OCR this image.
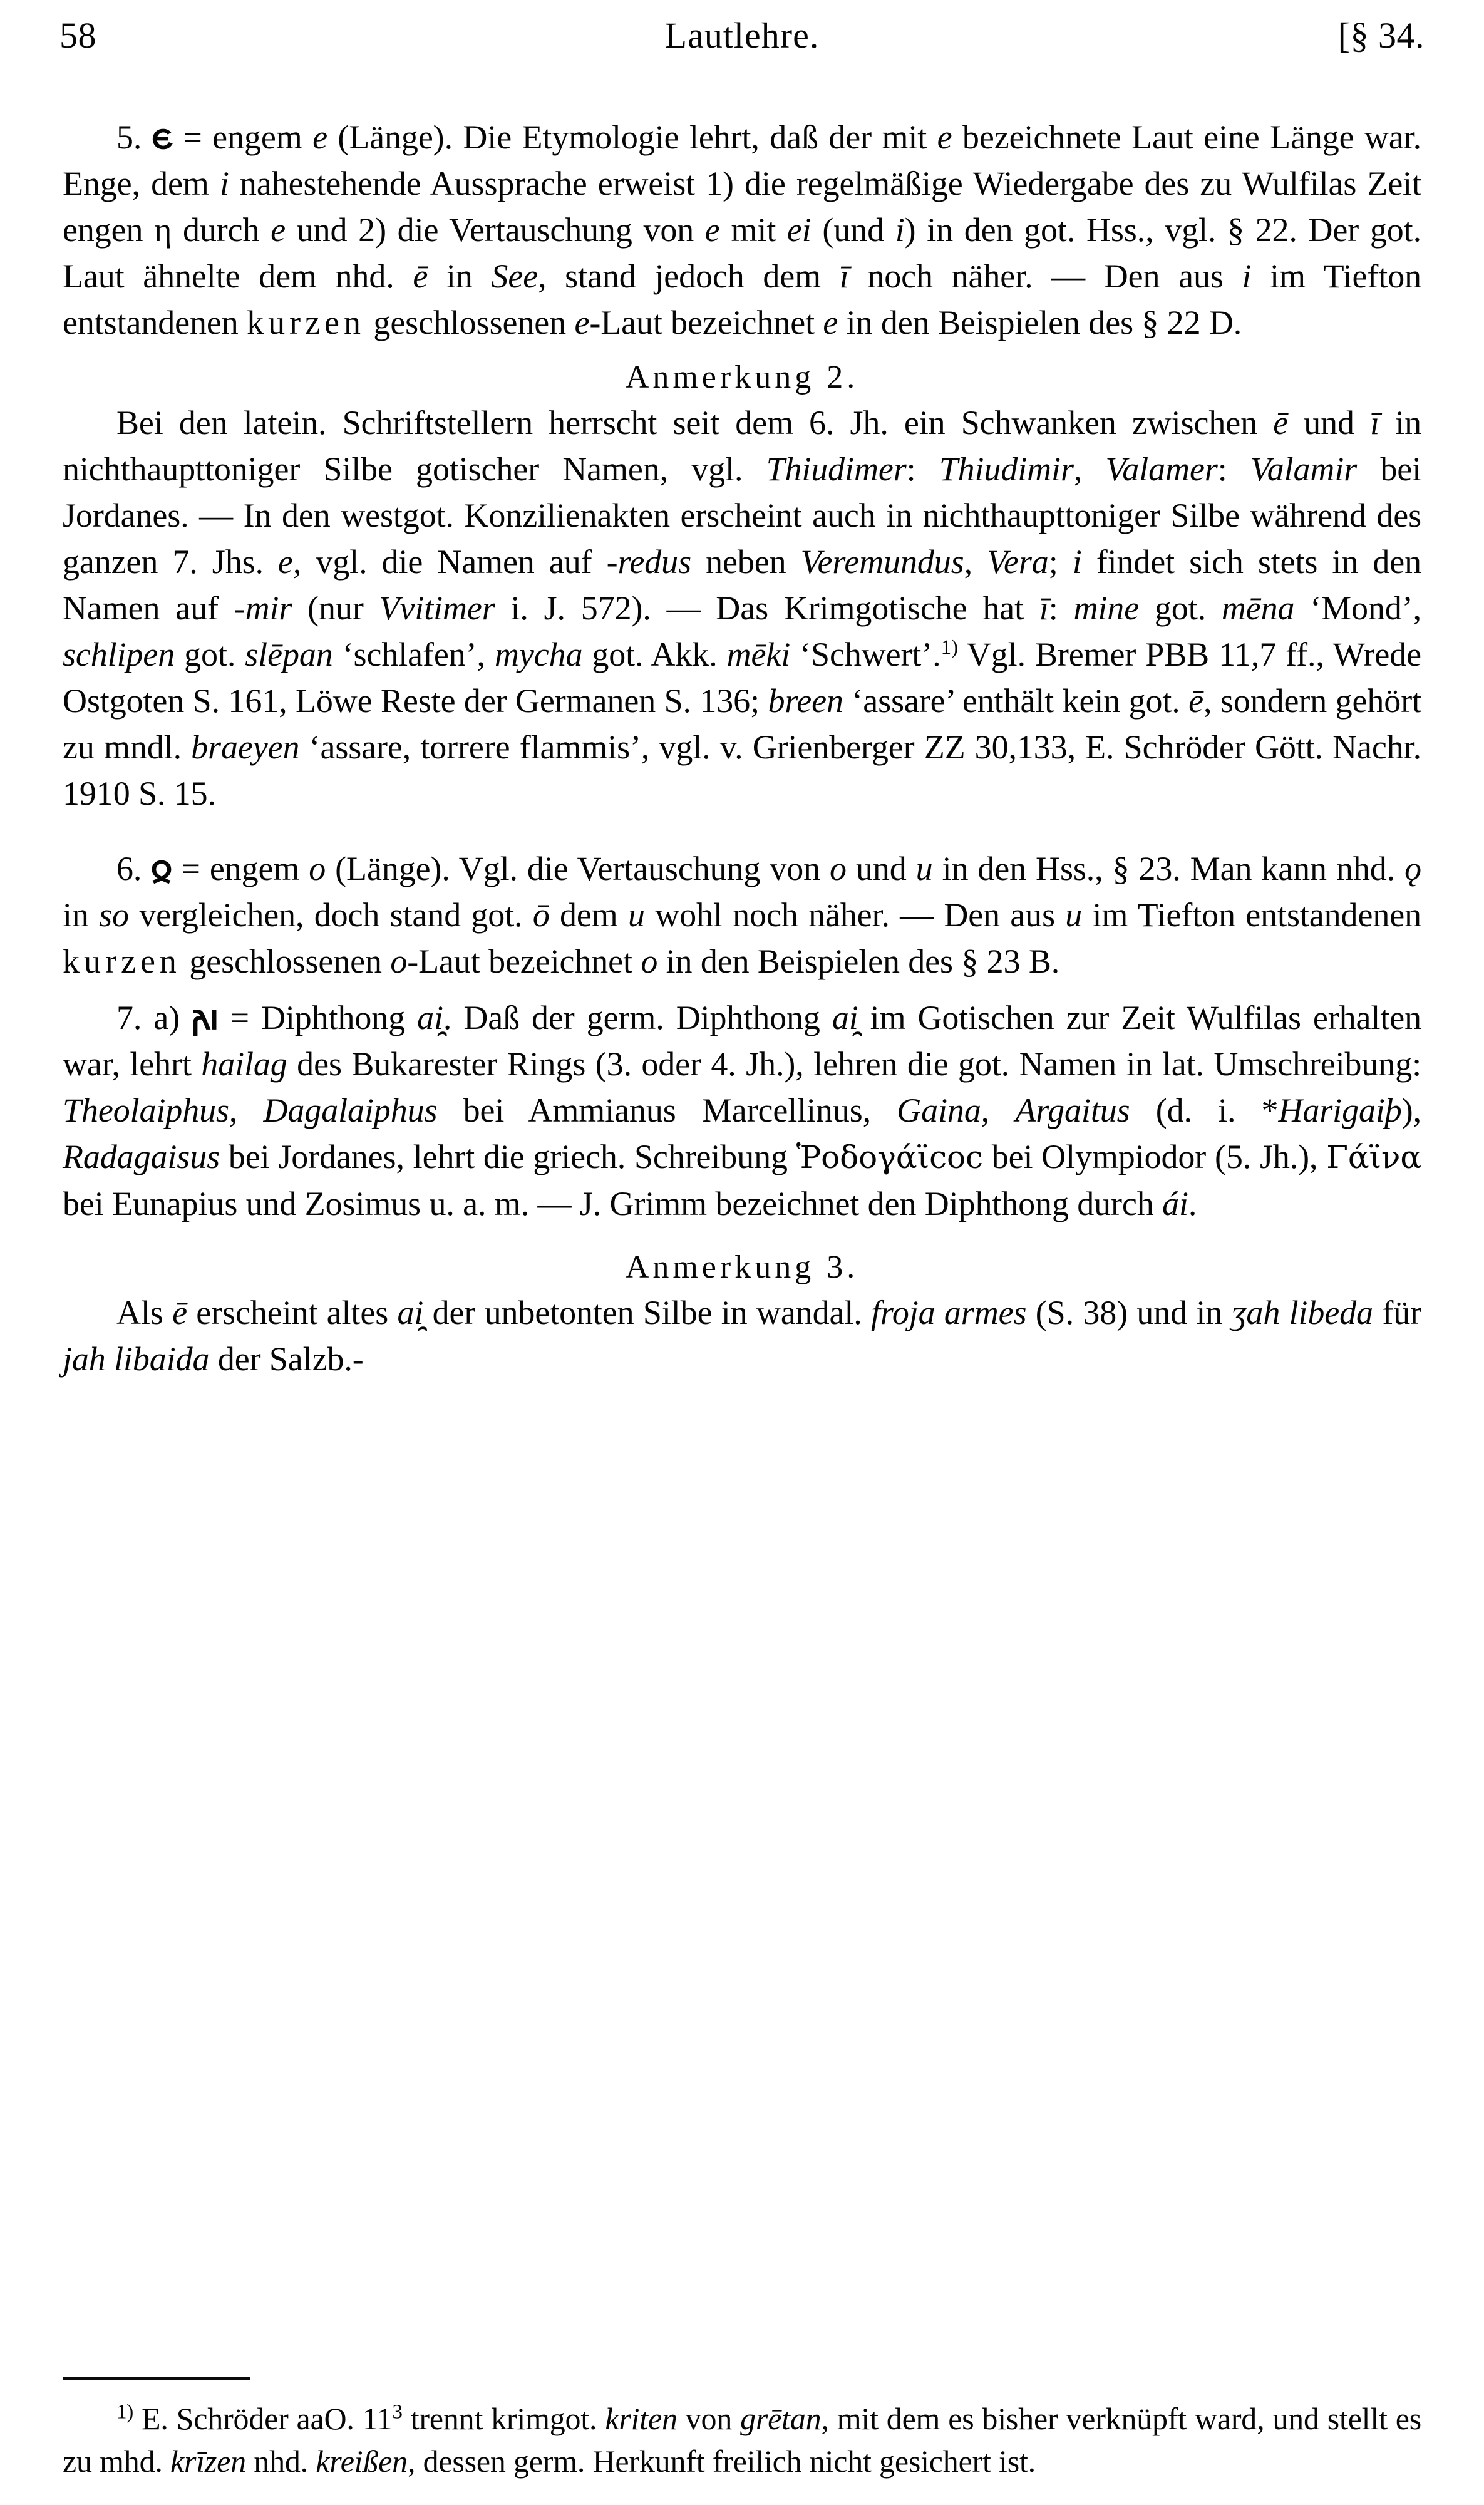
58	Lautlehre.	[§ 34.

5. 𐌴 = engem e (Länge). Die Etymologie lehrt, daß der mit e bezeichnete Laut eine Länge war. Enge, dem i nahestehende Aussprache erweist 1) die regelmäßige Wiedergabe des zu Wulfilas Zeit engen η durch e und 2) die Vertauschung von e mit ei (und i) in den got. Hss., vgl. § 22. Der got. Laut ähnelte dem nhd. ē in See, stand jedoch dem ī noch näher. — Den aus i im Tiefton entstandenen kurzen geschlossenen e-Laut bezeichnet e in den Beispielen des § 22 D.

Anmerkung 2.

Bei den latein. Schriftstellern herrscht seit dem 6. Jh. ein Schwanken zwischen ē und ī in nichthaupttoniger Silbe gotischer Namen, vgl. Thiudimer: Thiudimir, Valamer: Valamir bei Jordanes. — In den westgot. Konzilienakten erscheint auch in nichthaupttoniger Silbe während des ganzen 7. Jhs. e, vgl. die Namen auf -redus neben Veremundus, Vera; i findet sich stets in den Namen auf -mir (nur Vvitimer i. J. 572). — Das Krimgotische hat ī: mine got. mēna ‘Mond’, schlipen got. slēpan ‘schlafen’, mycha got. Akk. mēki ‘Schwert’.$^{1)}$ Vgl. Bremer PBB 11,7 ff., Wrede Ostgoten S. 161, Löwe Reste der Germanen S. 136; breen ‘assare’ enthält kein got. ē, sondern gehört zu mndl. braeyen ‘assare, torrere flammis’, vgl. v. Grienberger ZZ 30,133, E. Schröder Gött. Nachr. 1910 S. 15.

6. 𐍉 = engem o (Länge). Vgl. die Vertauschung von o und u in den Hss., § 23. Man kann nhd. ǫ in so vergleichen, doch stand got. ō dem u wohl noch näher. — Den aus u im Tiefton entstandenen kurzen geschlossenen o-Laut bezeichnet o in den Beispielen des § 23 B.

7. a) 𐌰𐌹 = Diphthong ai̯. Daß der germ. Diphthong ai̯ im Gotischen zur Zeit Wulfilas erhalten war, lehrt hailag des Bukarester Rings (3. oder 4. Jh.), lehren die got. Namen in lat. Umschreibung: Theolaiphus, Dagalaiphus bei Ammianus Marcellinus, Gaina, Argaitus (d. i. *Harigaiþ), Radagaisus bei Jordanes, lehrt die griech. Schreibung Ῥοδογάϊcoc bei Olympiodor (5. Jh.), Γάϊνα bei Eunapius und Zosimus u. a. m. — J. Grimm bezeichnet den Diphthong durch ái.

Anmerkung 3.

Als ē erscheint altes ai̯ der unbetonten Silbe in wandal. froja armes (S. 38) und in ʒah libeda für jah libaida der Salzb.-

$^{1)}$ E. Schröder aaO. $11^3$ trennt krimgot. kriten von grētan, mit dem es bisher verknüpft ward, und stellt es zu mhd. krīzen nhd. kreißen, dessen germ. Herkunft freilich nicht gesichert ist.
